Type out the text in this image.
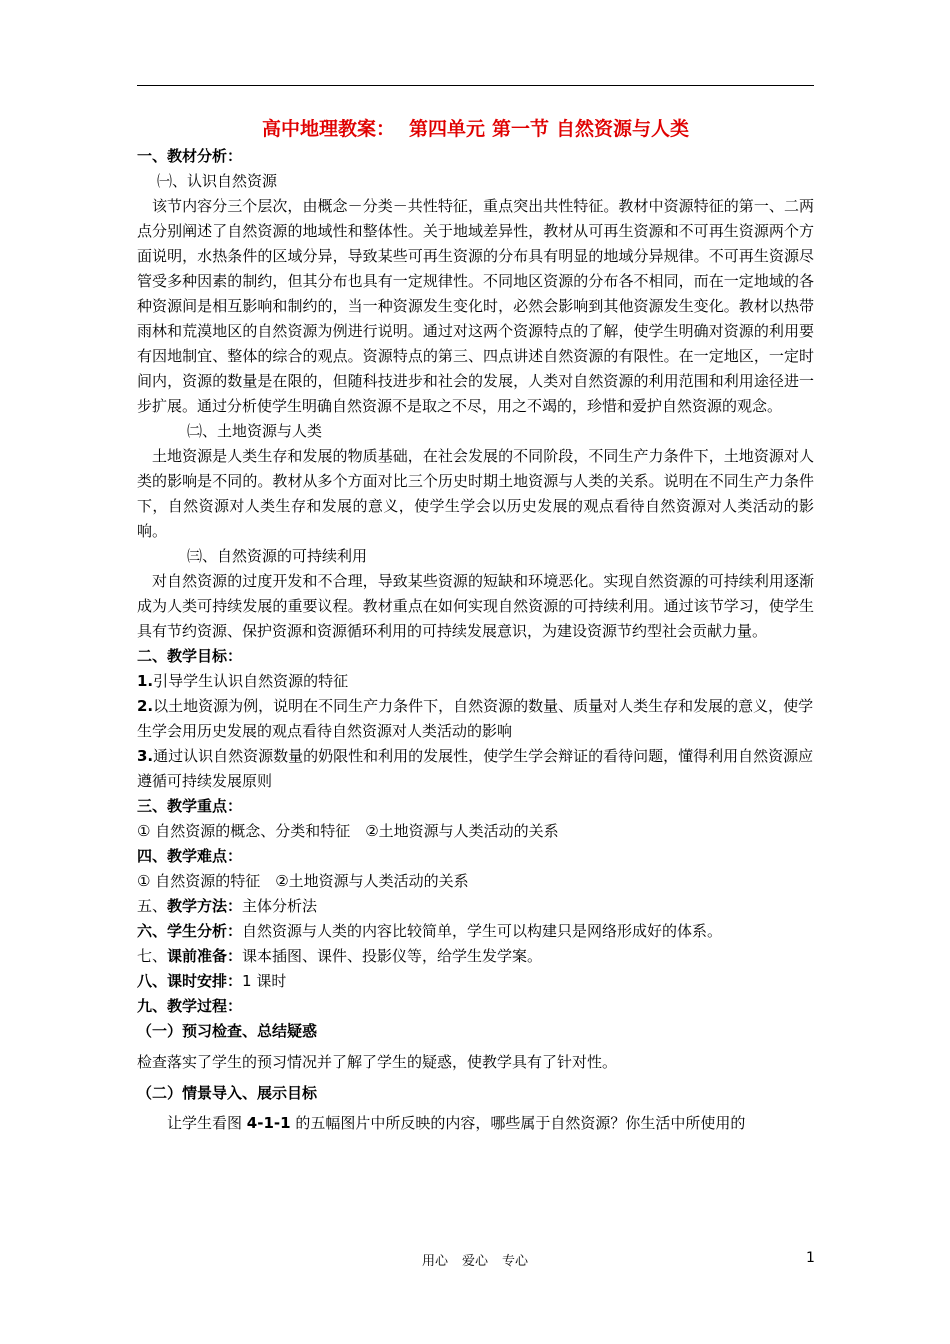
高中地理教案： 第四单元 第一节 自然资源与人类

一、教材分析：

㈠、认识自然资源

该节内容分三个层次，由概念－分类－共性特征，重点突出共性特征。教材中资源特征的第一、二两点分别阐述了自然资源的地域性和整体性。关于地域差异性，教材从可再生资源和不可再生资源两个方面说明，水热条件的区域分异，导致某些可再生资源的分布具有明显的地域分异规律。不可再生资源尽管受多种因素的制约，但其分布也具有一定规律性。不同地区资源的分布各不相同，而在一定地域的各种资源间是相互影响和制约的，当一种资源发生变化时，必然会影响到其他资源发生变化。教材以热带雨林和荒漠地区的自然资源为例进行说明。通过对这两个资源特点的了解，使学生明确对资源的利用要有因地制宜、整体的综合的观点。资源特点的第三、四点讲述自然资源的有限性。在一定地区，一定时间内，资源的数量是在限的，但随科技进步和社会的发展，人类对自然资源的利用范围和利用途径进一步扩展。通过分析使学生明确自然资源不是取之不尽，用之不竭的，珍惜和爱护自然资源的观念。

㈡、土地资源与人类

土地资源是人类生存和发展的物质基础，在社会发展的不同阶段，不同生产力条件下，土地资源对人类的影响是不同的。教材从多个方面对比三个历史时期土地资源与人类的关系。说明在不同生产力条件下，自然资源对人类生存和发展的意义，使学生学会以历史发展的观点看待自然资源对人类活动的影响。

㈢、自然资源的可持续利用

对自然资源的过度开发和不合理，导致某些资源的短缺和环境恶化。实现自然资源的可持续利用逐渐成为人类可持续发展的重要议程。教材重点在如何实现自然资源的可持续利用。通过该节学习，使学生具有节约资源、保护资源和资源循环利用的可持续发展意识，为建设资源节约型社会贡献力量。

二、教学目标：

1.引导学生认识自然资源的特征

2.以土地资源为例，说明在不同生产力条件下，自然资源的数量、质量对人类生存和发展的意义，使学生学会用历史发展的观点看待自然资源对人类活动的影响

3.通过认识自然资源数量的奶限性和利用的发展性，使学生学会辩证的看待问题，懂得利用自然资源应遵循可持续发展原则

三、教学重点：

① 自然资源的概念、分类和特征　②土地资源与人类活动的关系

四、教学难点：

① 自然资源的特征　②土地资源与人类活动的关系

五、教学方法：主体分析法

六、学生分析：自然资源与人类的内容比较简单，学生可以构建只是网络形成好的体系。

七、课前准备：课本插图、课件、投影仪等，给学生发学案。

八、课时安排：1 课时

九、教学过程：

（一）预习检查、总结疑惑

检查落实了学生的预习情况并了解了学生的疑惑，使教学具有了针对性。

（二）情景导入、展示目标

让学生看图 4-1-1 的五幅图片中所反映的内容，哪些属于自然资源？你生活中所使用的

用心 爱心 专心	1
